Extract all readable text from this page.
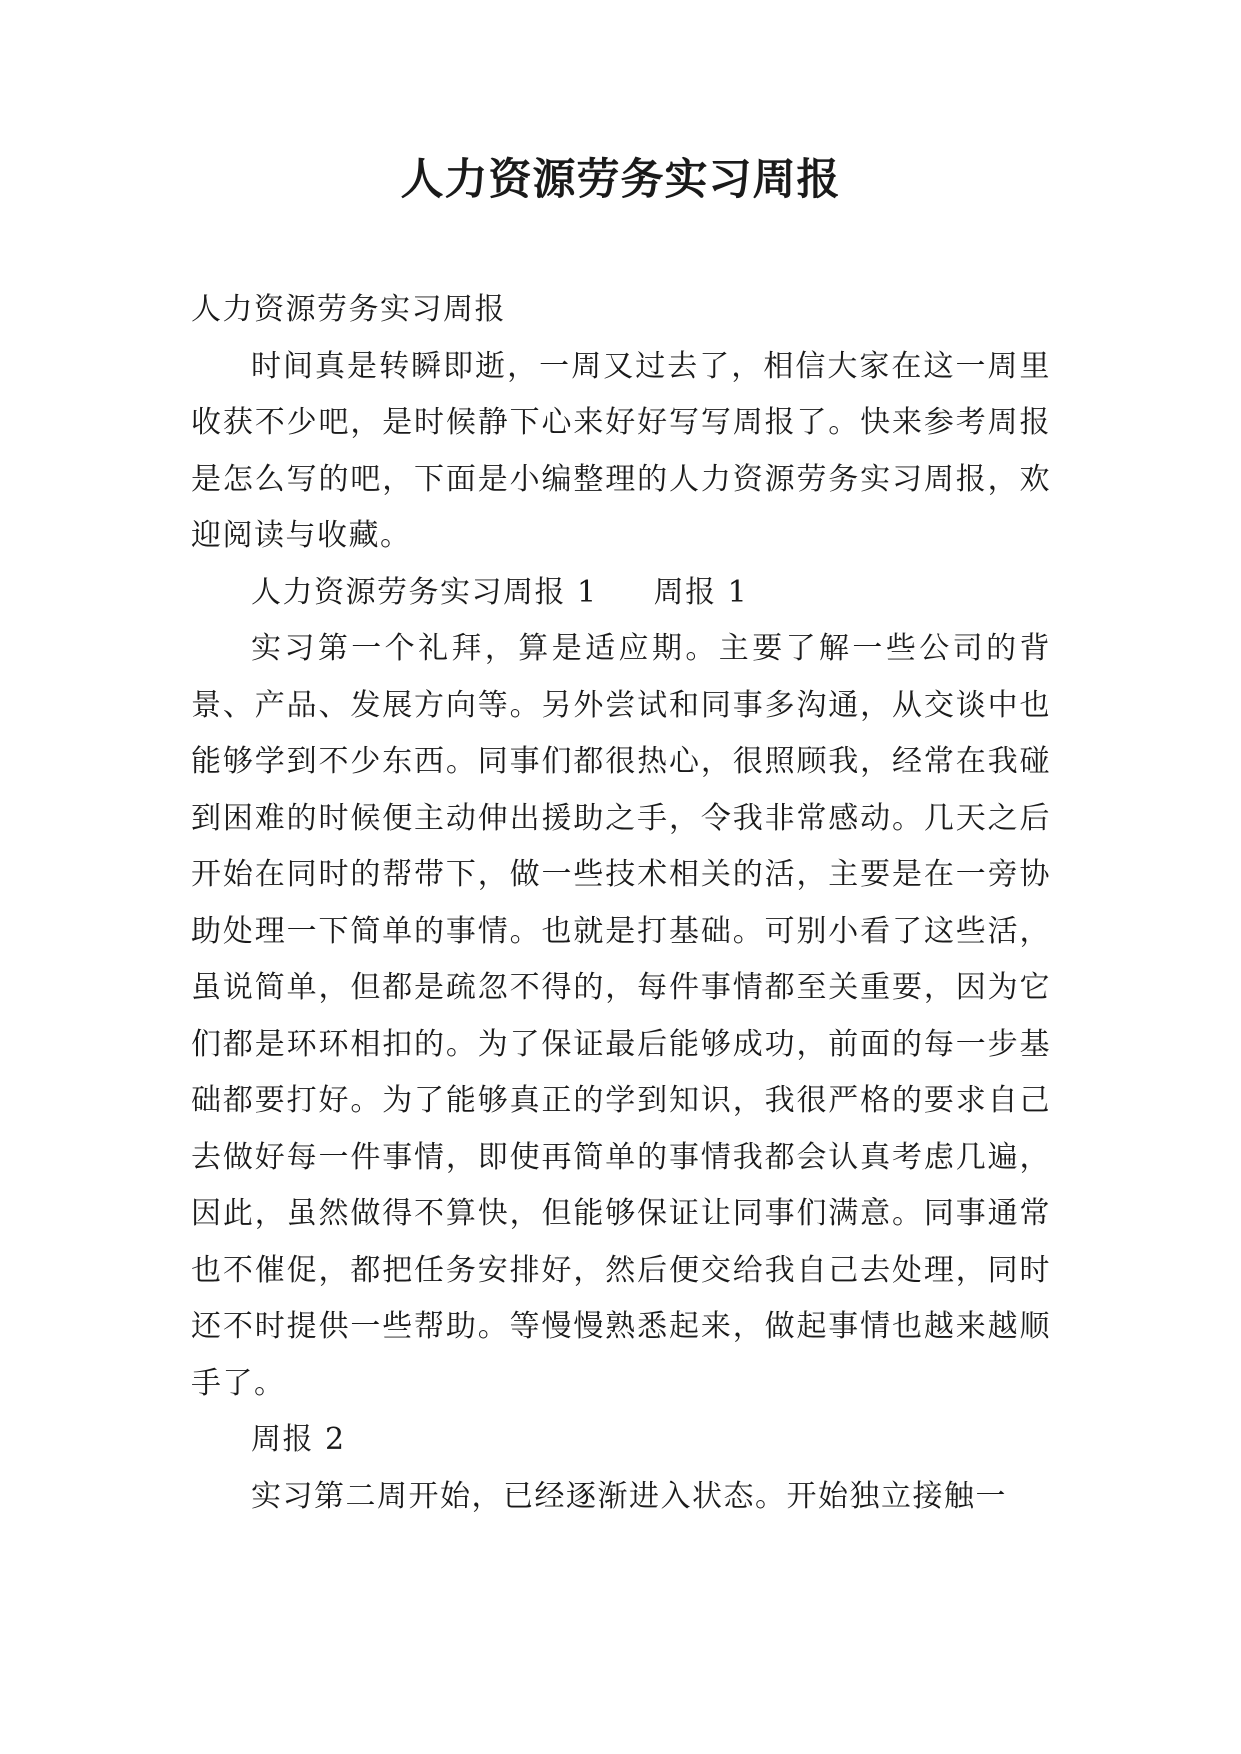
人力资源劳务实习周报

人力资源劳务实习周报

时间真是转瞬即逝，一周又过去了，相信大家在这一周里收获不少吧，是时候静下心来好好写写周报了。快来参考周报是怎么写的吧，下面是小编整理的人力资源劳务实习周报，欢迎阅读与收藏。

人力资源劳务实习周报 1 周报 1

实习第一个礼拜，算是适应期。主要了解一些公司的背景、产品、发展方向等。另外尝试和同事多沟通，从交谈中也能够学到不少东西。同事们都很热心，很照顾我，经常在我碰到困难的时候便主动伸出援助之手，令我非常感动。几天之后开始在同时的帮带下，做一些技术相关的活，主要是在一旁协助处理一下简单的事情。也就是打基础。可别小看了这些活，虽说简单，但都是疏忽不得的，每件事情都至关重要，因为它们都是环环相扣的。为了保证最后能够成功，前面的每一步基础都要打好。为了能够真正的学到知识，我很严格的要求自己去做好每一件事情，即使再简单的事情我都会认真考虑几遍，因此，虽然做得不算快，但能够保证让同事们满意。同事通常也不催促，都把任务安排好，然后便交给我自己去处理，同时还不时提供一些帮助。等慢慢熟悉起来，做起事情也越来越顺手了。

周报 2

实习第二周开始，已经逐渐进入状态。开始独立接触一
